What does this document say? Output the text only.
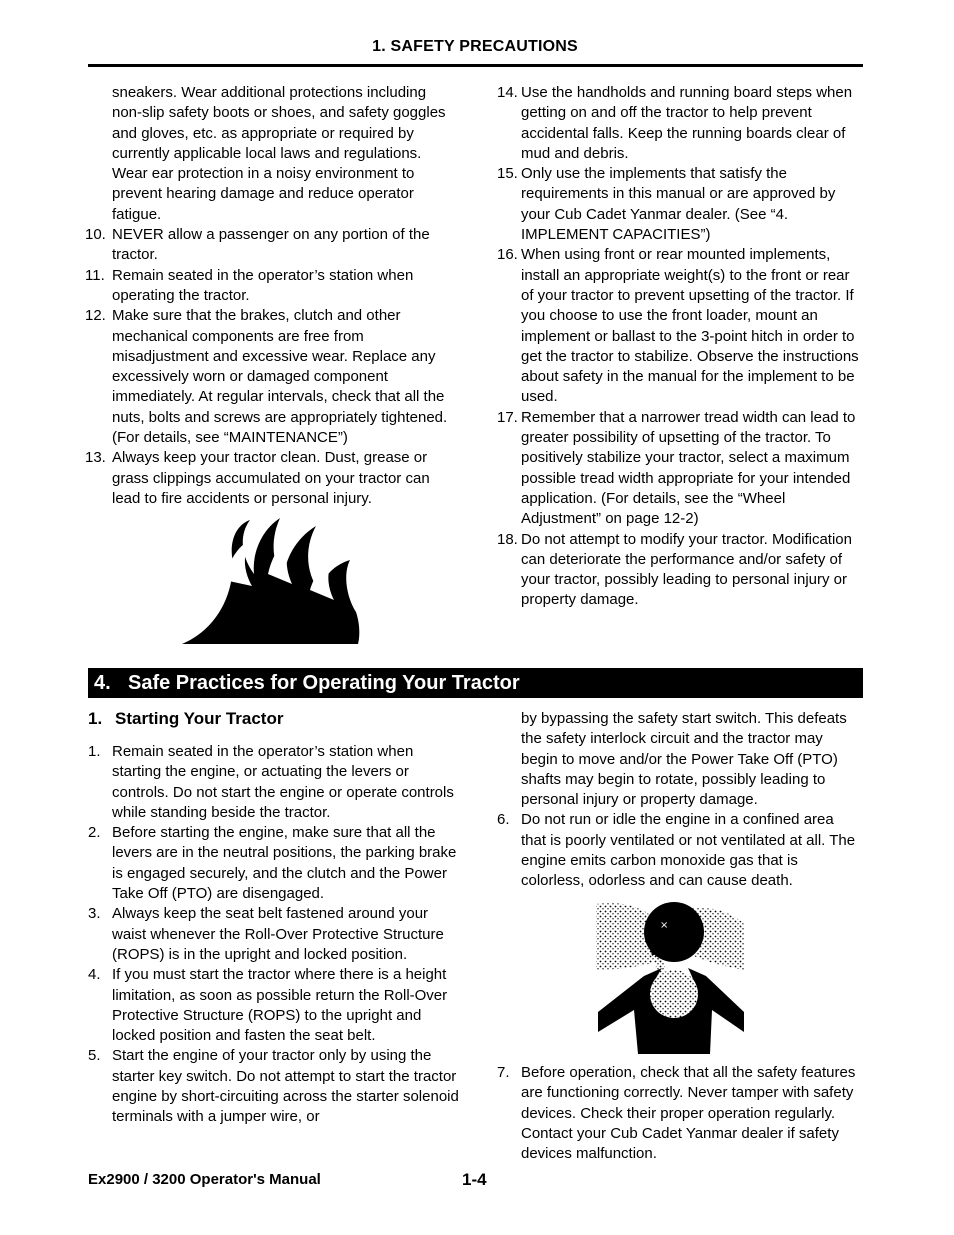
1. SAFETY PRECAUTIONS
sneakers. Wear additional protections including non-slip safety boots or shoes, and safety goggles and gloves, etc. as appropriate or required by currently applicable local laws and regulations. Wear ear protection in a noisy environment to prevent hearing damage and reduce operator fatigue.
10. NEVER allow a passenger on any portion of the tractor.
11. Remain seated in the operator’s station when operating the tractor.
12. Make sure that the brakes, clutch and other mechanical components are free from misadjustment and excessive wear. Replace any excessively worn or damaged component immediately. At regular intervals, check that all the nuts, bolts and screws are appropriately tightened. (For details, see “MAINTENANCE”)
13. Always keep your tractor clean. Dust, grease or grass clippings accumulated on your tractor can lead to fire accidents or personal injury.
14. Use the handholds and running board steps when getting on and off the tractor to help prevent accidental falls. Keep the running boards clear of mud and debris.
15. Only use the implements that satisfy the requirements in this manual or are approved by your Cub Cadet Yanmar dealer. (See “4. IMPLEMENT CAPACITIES”)
16. When using front or rear mounted implements, install an appropriate weight(s) to the front or rear of your tractor to prevent upsetting of the tractor. If you choose to use the front loader, mount an implement or ballast to the 3-point hitch in order to get the tractor to stabilize. Observe the instructions about safety in the manual for the implement to be used.
17. Remember that a narrower tread width can lead to greater possibility of upsetting of the tractor. To positively stabilize your tractor, select a maximum possible tread width appropriate for your intended application. (For details, see the “Wheel Adjustment” on page 12-2)
18. Do not attempt to modify your tractor. Modification can deteriorate the performance and/or safety of your tractor, possibly leading to personal injury or property damage.
4. Safe Practices for Operating Your Tractor
1. Starting Your Tractor
1. Remain seated in the operator’s station when starting the engine, or actuating the levers or controls. Do not start the engine or operate controls while standing beside the tractor.
2. Before starting the engine, make sure that all the levers are in the neutral positions, the parking brake is engaged securely, and the clutch and the Power Take Off (PTO) are disengaged.
3. Always keep the seat belt fastened around your waist whenever the Roll-Over Protective Structure (ROPS) is in the upright and locked position.
4. If you must start the tractor where there is a height limitation, as soon as possible return the Roll-Over Protective Structure (ROPS) to the upright and locked position and fasten the seat belt.
5. Start the engine of your tractor only by using the starter key switch. Do not attempt to start the tractor engine by short-circuiting across the starter solenoid terminals with a jumper wire, or
by bypassing the safety start switch. This defeats the safety interlock circuit and the tractor may begin to move and/or the Power Take Off (PTO) shafts may begin to rotate, possibly leading to personal injury or property damage.
6. Do not run or idle the engine in a confined area that is poorly ventilated or not ventilated at all. The engine emits carbon monoxide gas that is colorless, odorless and can cause death.
×
7. Before operation, check that all the safety features are functioning correctly. Never tamper with safety devices. Check their proper operation regularly. Contact your Cub Cadet Yanmar dealer if safety devices malfunction.
Ex2900 / 3200 Operator's Manual	1-4
